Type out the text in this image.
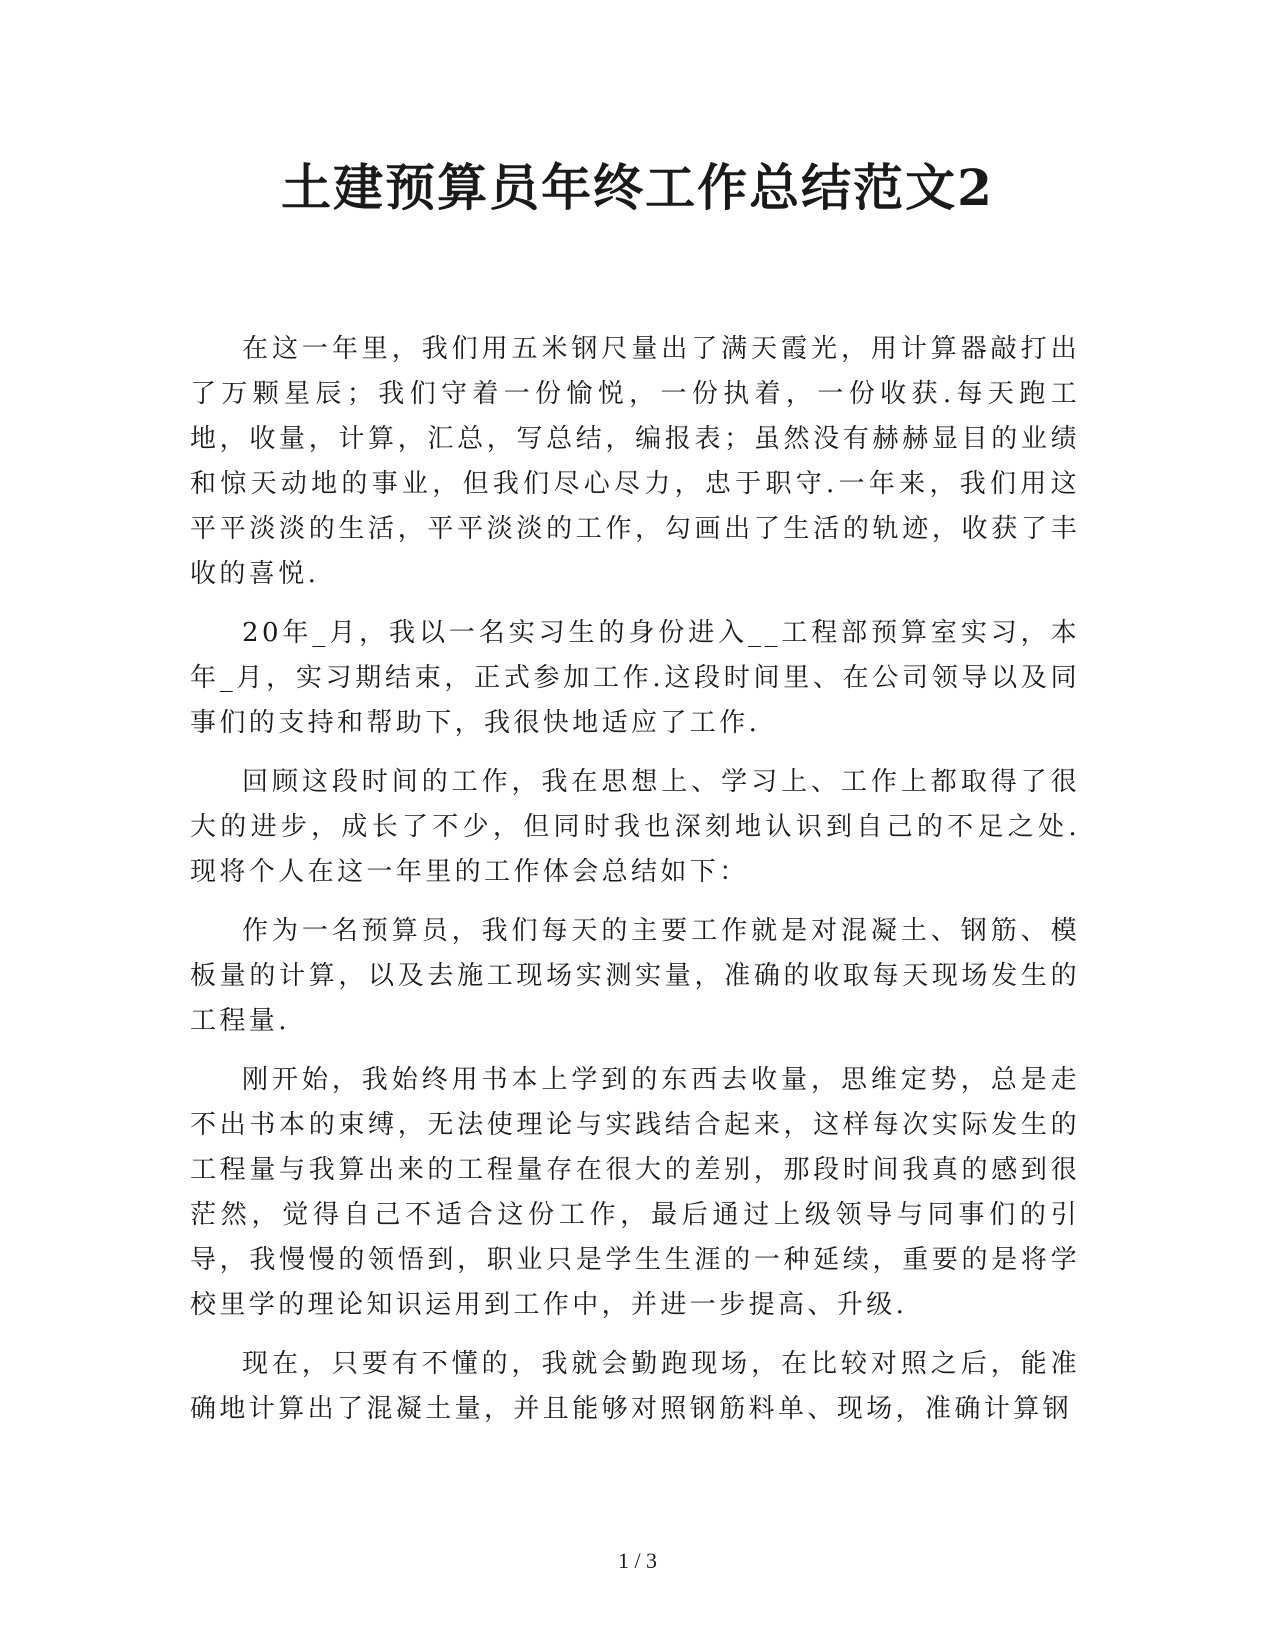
土建预算员年终工作总结范文2

在这一年里，我们用五米钢尺量出了满天霞光，用计算器敲打出了万颗星辰；我们守着一份愉悦，一份执着，一份收获.每天跑工地，收量，计算，汇总，写总结，编报表；虽然没有赫赫显目的业绩和惊天动地的事业，但我们尽心尽力，忠于职守.一年来，我们用这平平淡淡的生活，平平淡淡的工作，勾画出了生活的轨迹，收获了丰收的喜悦.

20年_月，我以一名实习生的身份进入__工程部预算室实习，本年_月，实习期结束，正式参加工作.这段时间里、在公司领导以及同事们的支持和帮助下，我很快地适应了工作.

回顾这段时间的工作，我在思想上、学习上、工作上都取得了很大的进步，成长了不少，但同时我也深刻地认识到自己的不足之处.现将个人在这一年里的工作体会总结如下：

作为一名预算员，我们每天的主要工作就是对混凝土、钢筋、模板量的计算，以及去施工现场实测实量，准确的收取每天现场发生的工程量.

刚开始，我始终用书本上学到的东西去收量，思维定势，总是走不出书本的束缚，无法使理论与实践结合起来，这样每次实际发生的工程量与我算出来的工程量存在很大的差别，那段时间我真的感到很茫然，觉得自己不适合这份工作，最后通过上级领导与同事们的引导，我慢慢的领悟到，职业只是学生生涯的一种延续，重要的是将学校里学的理论知识运用到工作中，并进一步提高、升级.

现在，只要有不懂的，我就会勤跑现场，在比较对照之后，能准确地计算出了混凝土量，并且能够对照钢筋料单、现场，准确计算钢

1 / 3
